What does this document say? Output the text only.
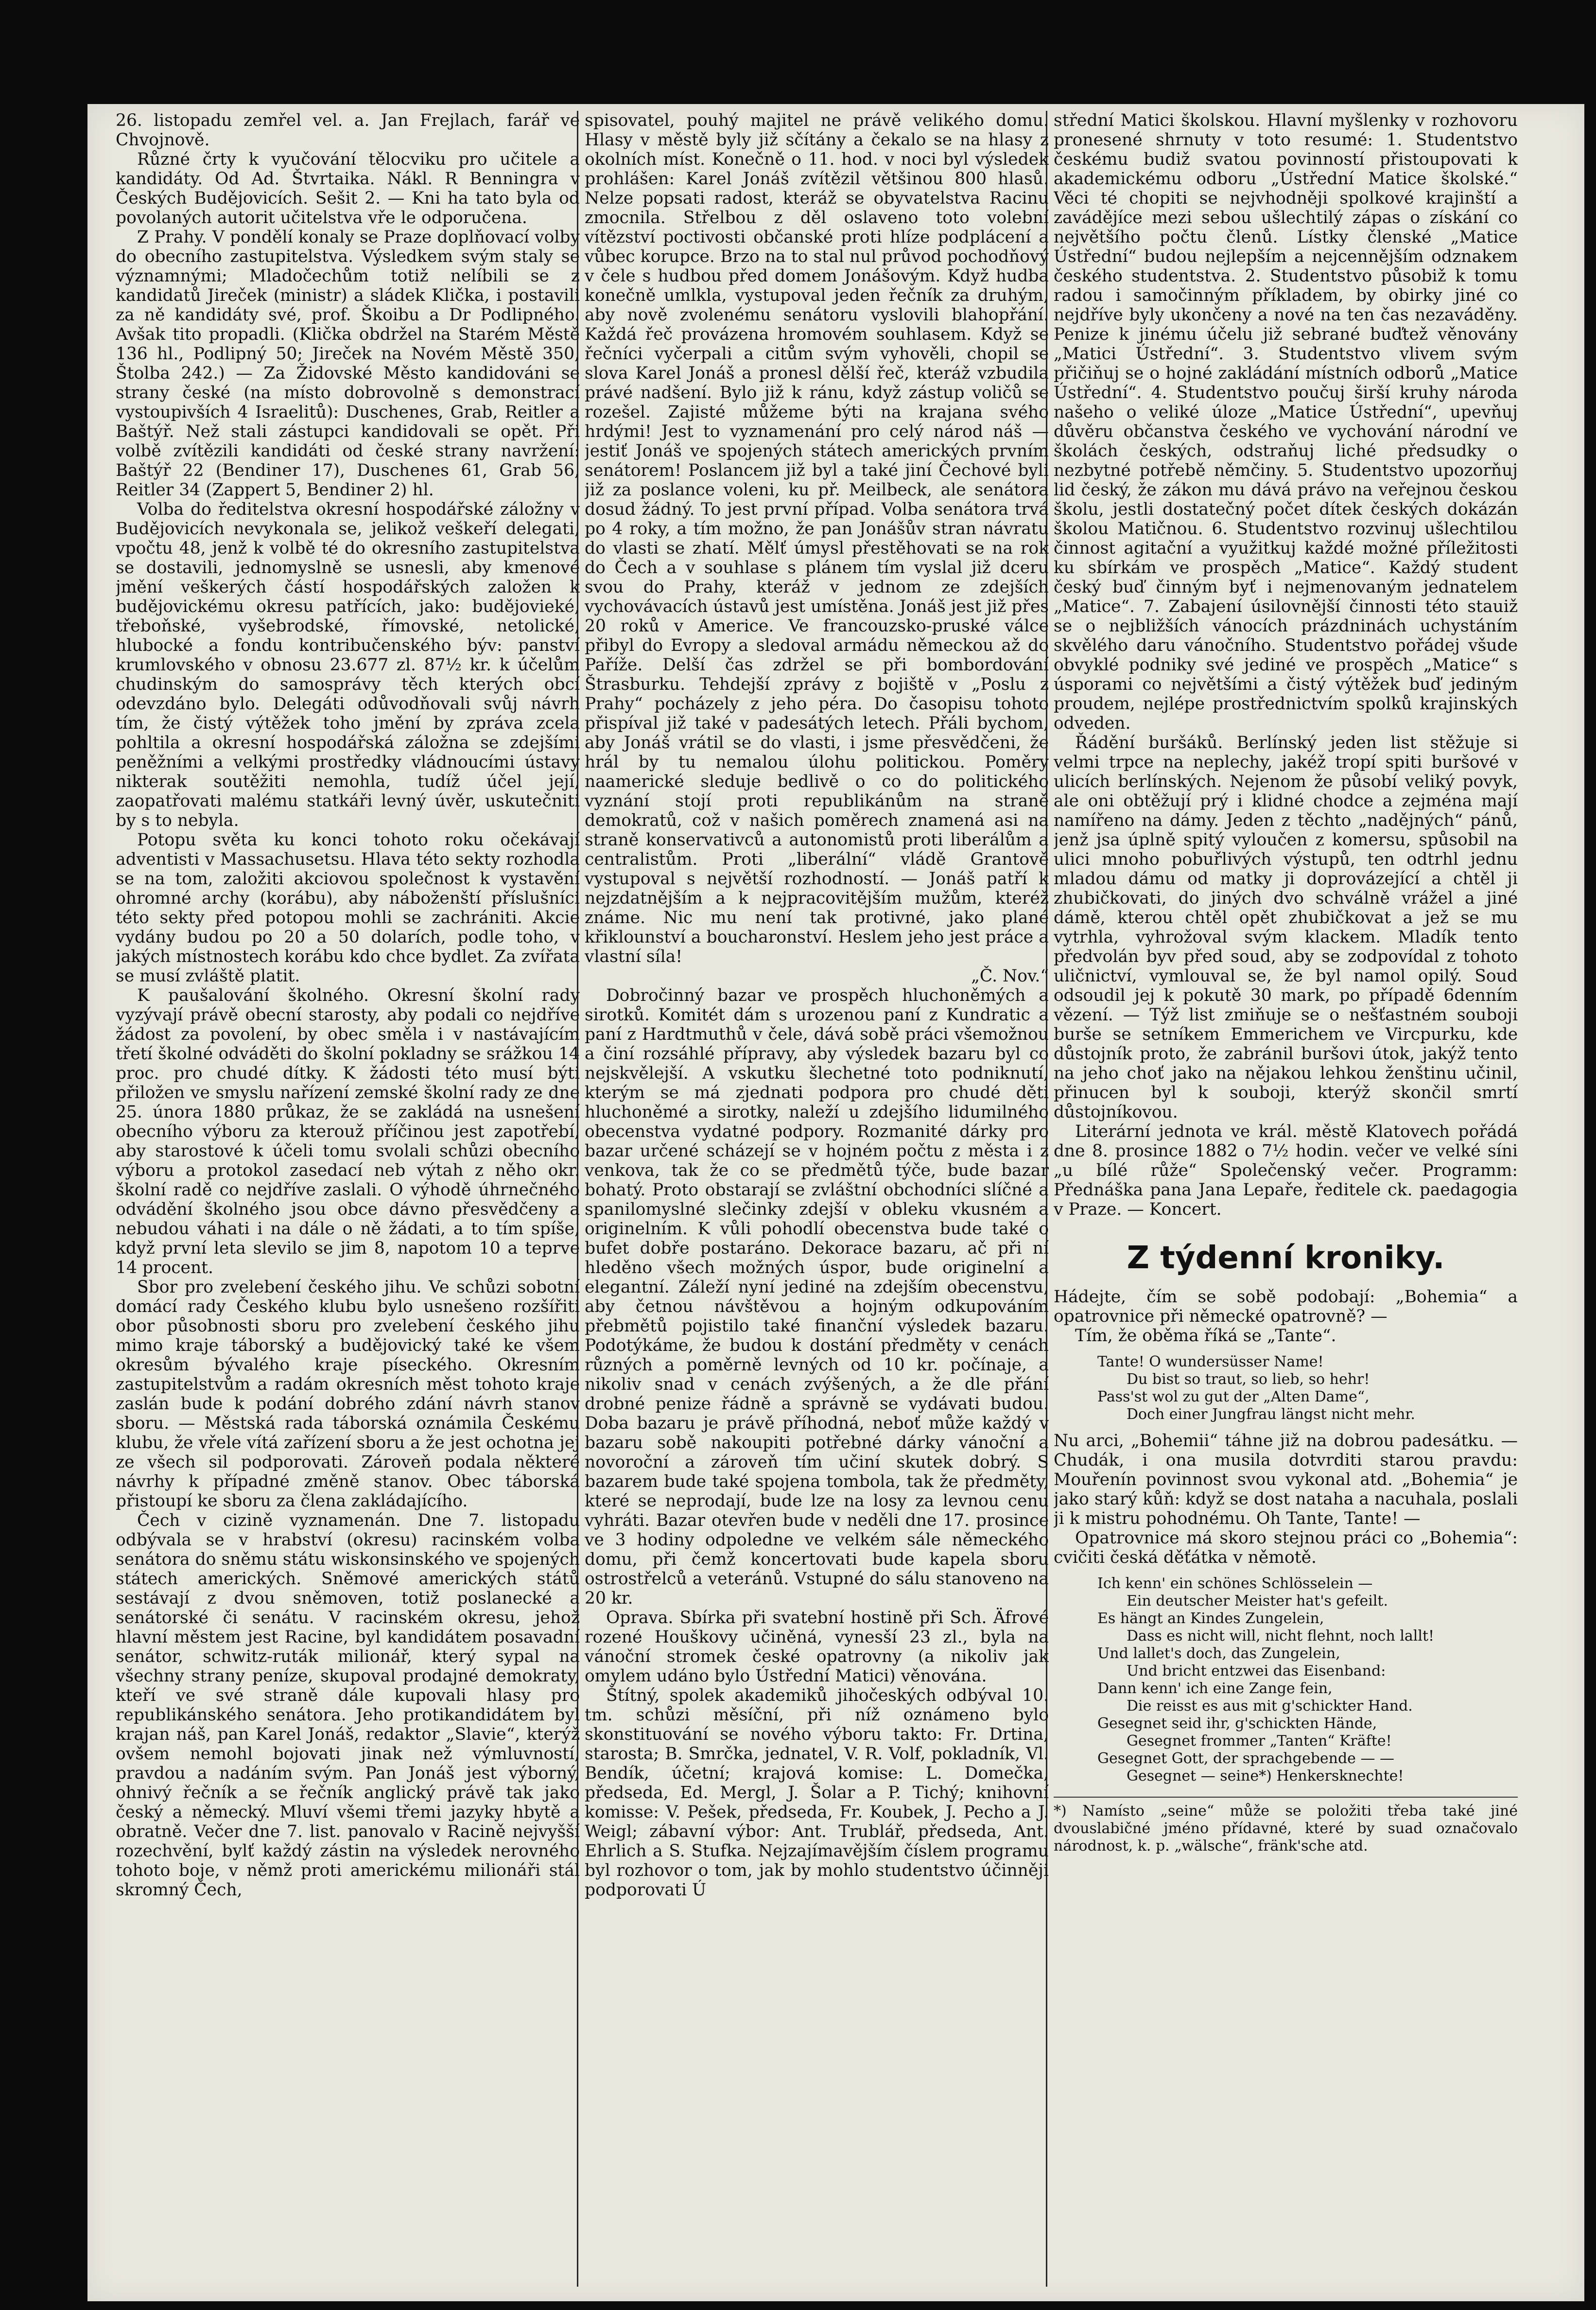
26. listopadu zemřel vel. a. Jan Frejlach, farář ve Chvojnově.

Různé črty k vyučování tělocviku pro učitele a kandidáty. Od Ad. Štvrtaika. Nákl. R Benningra v Českých Budějovicích. Sešit 2. — Kni ha tato byla od povolaných autorit učitelstva vře le odporučena.

Z Prahy. V pondělí konaly se Praze doplňovací volby do obecního zastupitelstva. Výsledkem svým staly se významnými; Mladočechům totiž nelíbili se z kandidatů Jireček (ministr) a sládek Klička, i postavili za ně kandidáty své, prof. Škoibu a Dr Podlipného. Avšak tito propadli. (Klička obdržel na Starém Městě 136 hl., Podlipný 50; Jireček na Novém Městě 350, Štolba 242.) — Za Židovské Město kandidováni se strany české (na místo dobrovolně s demonstrací vystoupivších 4 Israelitů): Duschenes, Grab, Reitler a Baštýř. Než stali zástupci kandidovali se opět. Při volbě zvítězili kandidáti od české strany navržení: Baštýř 22 (Bendiner 17), Duschenes 61, Grab 56, Reitler 34 (Zappert 5, Bendiner 2) hl.

Volba do ředitelstva okresní hospodářské záložny v Budějovicích nevykonala se, jelikož veškeří delegati, vpočtu 48, jenž k volbě té do okresního zastupitelstva se dostavili, jednomyslně se usnesli, aby kmenové jmění veškerých částí hospodářských založen k budějovickému okresu patřících, jako: budějovieké, třeboňské, vyšebrodské, římovské, netolické, hlubocké a fondu kontribučenského býv: panství krumlovského v obnosu 23.677 zl. 87½ kr. k účelům chudinským do samosprávy těch kterých obcí odevzdáno bylo. Delegáti odůvodňovali svůj návrh tím, že čistý výtěžek toho jmění by zpráva zcela pohltila a okresní hospodářská záložna se zdejšími peněžními a velkými prostředky vládnoucími ústavy nikterak soutěžiti nemohla, tudíž účel její, zaopatřovati malému statkáři levný úvěr, uskutečniti by s to nebyla.

Potopu světa ku konci tohoto roku očekávají adventisti v Massachusetsu. Hlava této sekty rozhodla se na tom, založiti akciovou společnost k vystavění ohromné archy (korábu), aby náboženští příslušníci této sekty před potopou mohli se zachrániti. Akcie vydány budou po 20 a 50 dolarích, podle toho, v jakých místnostech korábu kdo chce bydlet. Za zvířata se musí zvláště platit.

K paušalování školného. Okresní školní rady vyzývají právě obecní starosty, aby podali co nejdříve žádost za povolení, by obec směla i v nastávajícím třetí školné odváděti do školní pokladny se srážkou 14 proc. pro chudé dítky. K žádosti této musí býti přiložen ve smyslu nařízení zemské školní rady ze dne 25. února 1880 průkaz, že se zakládá na usnešení obecního výboru za kterouž příčinou jest zapotřebí, aby starostové k účeli tomu svolali schůzi obecního výboru a protokol zasedací neb výtah z něho okr. školní radě co nejdříve zaslali. O výhodě úhrnečného odvádění školného jsou obce dávno přesvědčeny a nebudou váhati i na dále o ně žádati, a to tím spíše, když první leta slevilo se jim 8, napotom 10 a teprve 14 procent.

Sbor pro zvelebení českého jihu. Ve schůzi sobotní domácí rady Českého klubu bylo usnešeno rozšířiti obor působnosti sboru pro zvelebení českého jihu mimo kraje táborský a budějovický také ke všem okresům bývalého kraje píseckého. Okresním zastupitelstvům a radám okresních měst tohoto kraje zaslán bude k podání dobrého zdání návrh stanov sboru. — Městská rada táborská oznámila Českému klubu, že vřele vítá zařízení sboru a že jest ochotna jej ze všech sil podporovati. Zároveň podala některé návrhy k případné změně stanov. Obec táborská přistoupí ke sboru za člena zakládajícího.

Čech v cizině vyznamenán. Dne 7. listopadu odbývala se v hrabství (okresu) racinském volba senátora do sněmu státu wiskonsinského ve spojených státech amerických. Sněmové amerických států sestávají z dvou sněmoven, totiž poslanecké a senátorské či senátu. V racinském okresu, jehož hlavní městem jest Racine, byl kandidátem posavadní senátor, schwitz-ruták milionář, který sypal na všechny strany peníze, skupoval prodajné demokraty, kteří ve své straně dále kupovali hlasy pro republikánského senátora. Jeho protikandidátem byl krajan náš, pan Karel Jonáš, redaktor „Slavie“, kterýž ovšem nemohl bojovati jinak než výmluvností, pravdou a nadáním svým. Pan Jonáš jest výborný, ohnivý řečník a se řečník anglický právě tak jako český a německý. Mluví všemi třemi jazyky hbytě a obratně. Večer dne 7. list. panovalo v Racině nejvyšší rozechvění, bylť každý zástin na výsledek nerovného tohoto boje, v němž proti americkému milionáři stál skromný Čech,

spisovatel, pouhý majitel ne právě velikého domu. Hlasy v městě byly již sčítány a čekalo se na hlasy z okolních míst. Konečně o 11. hod. v noci byl výsledek prohlášen: Karel Jonáš zvítězil většinou 800 hlasů. Nelze popsati radost, kteráž se obyvatelstva Racinu zmocnila. Střelbou z děl oslaveno toto volební vítězství poctivosti občanské proti hlíze podplácení a vůbec korupce. Brzo na to stal nul průvod pochodňový v čele s hudbou před domem Jonášovým. Když hudba konečně umlkla, vystupoval jeden řečník za druhým, aby nově zvolenému senátoru vyslovili blahopřání. Každá řeč provázena hromovém souhlasem. Když se řečníci vyčerpali a citům svým vyhověli, chopil se slova Karel Jonáš a pronesl dělší řeč, kteráž vzbudila právé nadšení. Bylo již k ránu, když zástup voličů se rozešel. Zajisté můžeme býti na krajana svého hrdými! Jest to vyznamenání pro celý národ náš — jestiť Jonáš ve spojených státech amerických prvním senátorem! Poslancem již byl a také jiní Čechové byli již za poslance voleni, ku př. Meilbeck, ale senátora dosud žádný. To jest první případ. Volba senátora trvá po 4 roky, a tím možno, že pan Jonášův stran návratu do vlasti se zhatí. Mělť úmysl přestěhovati se na rok do Čech a v souhlase s plánem tím vyslal již dceru svou do Prahy, kteráž v jednom ze zdejších vychovávacích ústavů jest umístěna. Jonáš jest již přes 20 roků v Americe. Ve francouzsko-pruské válce přibyl do Evropy a sledoval armádu německou až do Paříže. Delší čas zdržel se při bombordování Štrasburku. Tehdejší zprávy z bojiště v „Poslu z Prahy“ pocházely z jeho péra. Do časopisu tohoto přispíval již také v padesátých letech. Přáli bychom, aby Jonáš vrátil se do vlasti, i jsme přesvědčeni, že hrál by tu nemalou úlohu politickou. Poměry naamerické sleduje bedlivě o co do politického vyznání stojí proti republikánům na straně demokratů, což v našich poměrech znamená asi na straně konservativců a autonomistů proti liberálům a centralistům. Proti „liberální“ vládě Grantově vystupoval s největší rozhodností. — Jonáš patří k nejzdatnějším a k nejpracovitějším mužům, kteréž známe. Nic mu není tak protivné, jako plané křiklounství a boucharonství. Heslem jeho jest práce a vlastní síla!

„Č. Nov.“

Dobročinný bazar ve prospěch hluchoněmých a sirotků. Komitét dám s urozenou paní z Kundratic a paní z Hardtmuthů v čele, dává sobě práci všemožnou a činí rozsáhlé přípravy, aby výsledek bazaru byl co nejskvělejší. A vskutku šlechetné toto podniknutí, kterým se má zjednati podpora pro chudé děti hluchoněmé a sirotky, naleží u zdejšího lidumilného obecenstva vydatné podpory. Rozmanité dárky pro bazar určené scházejí se v hojném počtu z města i z venkova, tak že co se předmětů týče, bude bazar bohatý. Proto obstarají se zvláštní obchodníci slíčné a spanilomyslné slečinky zdejší v obleku vkusném a originelním. K vůli pohodlí obecenstva bude také o bufet dobře postaráno. Dekorace bazaru, ač při ní hleděno všech možných úspor, bude originelní a elegantní. Záleží nyní jediné na zdejším obecenstvu, aby četnou návštěvou a hojným odkupováním přebmětů pojistilo také finanční výsledek bazaru. Podotýkáme, že budou k dostání předměty v cenách různých a poměrně levných od 10 kr. počínaje, a nikoliv snad v cenách zvýšených, a že dle přání drobné penize řádně a správně se vydávati budou. Doba bazaru je právě příhodná, neboť může každý v bazaru sobě nakoupiti potřebné dárky vánoční a novoroční a zároveň tím učiní skutek dobrý. S bazarem bude také spojena tombola, tak že předměty, které se neprodají, bude lze na losy za levnou cenu vyhráti. Bazar otevřen bude v neděli dne 17. prosince ve 3 hodiny odpoledne ve velkém sále německého domu, při čemž koncertovati bude kapela sboru ostrostřelců a veteránů. Vstupné do sálu stanoveno na 20 kr.

Oprava. Sbírka při svatební hostině při Sch. Äfrové rozené Houškovy učiněná, vynesší 23 zl., byla na vánoční stromek české opatrovny (a nikoliv jak omylem udáno bylo Ústřední Matici) věnována.

Štítný, spolek akademiků jihočeských odbýval 10. tm. schůzi měsíční, při níž oznámeno bylo skonstituování se nového výboru takto: Fr. Drtina, starosta; B. Smrčka, jednatel, V. R. Volf, pokladník, Vl. Bendík, účetní; krajová komise: L. Domečka, předseda, Ed. Mergl, J. Šolar a P. Tichý; knihovní komisse: V. Pešek, předseda, Fr. Koubek, J. Pecho a J. Weigl; zábavní výbor: Ant. Trublář, předseda, Ant. Ehrlich a S. Stufka. Nejzajímavějším číslem programu byl rozhovor o tom, jak by mohlo studentstvo účinněji podporovati Ú

střední Matici školskou. Hlavní myšlenky v rozhovoru pronesené shrnuty v toto resumé: 1. Studentstvo českému budiž svatou povinností přistoupovati k akademickému odboru „Ústřední Matice školské.“ Věci té chopiti se nejvhodněji spolkové krajinští a zavádějíce mezi sebou ušlechtilý zápas o získání co největšího počtu členů. Lístky členské „Matice Ústřední“ budou nejlepším a nejcennějším odznakem českého studentstva. 2. Studentstvo působiž k tomu radou i samočinným příkladem, by obirky jiné co nejdříve byly ukončeny a nové na ten čas nezaváděny. Penize k jinému účelu již sebrané buďtež věnovány „Matici Ústřední“. 3. Studentstvo vlivem svým přičiňuj se o hojné zakládání místních odborů „Matice Ústřední“. 4. Studentstvo poučuj širší kruhy národa našeho o veliké úloze „Matice Ústřední“, upevňuj důvěru občanstva českého ve vychování národní ve školách českých, odstraňuj liché předsudky o nezbytné potřebě němčiny. 5. Studentstvo upozorňuj lid český, že zákon mu dává právo na veřejnou českou školu, jestli dostatečný počet dítek českých dokázán školou Matičnou. 6. Studentstvo rozvinuj ušlechtilou činnost agitační a využitkuj každé možné příležitosti ku sbírkám ve prospěch „Matice“. Každý student český buď činným byť i nejmenovaným jednatelem „Matice“. 7. Zabajení úsilovnější činnosti této stauiž se o nejbližších vánocích prázdninách uchystáním skvělého daru vánočního. Studentstvo pořádej všude obvyklé podniky své jediné ve prospěch „Matice“ s úsporami co největšími a čistý výtěžek buď jediným proudem, nejlépe prostřednictvím spolků krajinských odveden.

Řádění buršáků. Berlínský jeden list stěžuje si velmi trpce na neplechy, jakéž tropí spiti buršové v ulicích berlínských. Nejenom že působí veliký povyk, ale oni obtěžují prý i klidné chodce a zejména mají namířeno na dámy. Jeden z těchto „nadějných“ pánů, jenž jsa úplně spitý vyloučen z komersu, spůsobil na ulici mnoho pobuřlivých výstupů, ten odtrhl jednu mladou dámu od matky ji doprovázející a chtěl ji zhubičkovati, do jiných dvo schválně vrážel a jiné dámě, kterou chtěl opět zhubičkovat a jež se mu vytrhla, vyhrožoval svým klackem. Mladík tento předvolán byv před soud, aby se zodpovídal z tohoto uličnictví, vymlouval se, že byl namol opilý. Soud odsoudil jej k pokutě 30 mark, po případě 6denním vězení. — Týž list zmiňuje se o nešťastném souboji burše se setníkem Emmerichem ve Vircpurku, kde důstojník proto, že zabránil buršovi útok, jakýž tento na jeho choť jako na nějakou lehkou ženštinu učinil, přinucen byl k souboji, kterýž skončil smrtí důstojníkovou.

Literární jednota ve král. městě Klatovech pořádá dne 8. prosince 1882 o 7½ hodin. večer ve velké síni „u bílé růže“ Společenský večer. Programm: Přednáška pana Jana Lepaře, ředitele ck. paedagogia v Praze. — Koncert.

Z týdenní kroniky.

Hádejte, čím se sobě podobají: „Bohemia“ a opatrovnice při německé opatrovně? —

Tím, že oběma říká se „Tante“.

Tante! O wundersüsser Name!
Du bist so traut, so lieb, so hehr!
Pass'st wol zu gut der „Alten Dame“,
Doch einer Jungfrau längst nicht mehr.

Nu arci, „Bohemii“ táhne již na dobrou padesátku. — Chudák, i ona musila dotvrditi starou pravdu: Mouřenín povinnost svou vykonal atd. „Bohemia“ je jako starý kůň: když se dost nataha a nacuhala, poslali ji k mistru pohodnému. Oh Tante, Tante! —

Opatrovnice má skoro stejnou práci co „Bohemia“: cvičiti česká děťátka v němotě.

Ich kenn' ein schönes Schlösselein —
Ein deutscher Meister hat's gefeilt.
Es hängt an Kindes Zungelein,
Dass es nicht will, nicht flehnt, noch lallt!
Und lallet's doch, das Zungelein,
Und bricht entzwei das Eisenband:
Dann kenn' ich eine Zange fein,
Die reisst es aus mit g'schickter Hand.
Gesegnet seid ihr, g'schickten Hände,
Gesegnet frommer „Tanten“ Kräfte!
Gesegnet Gott, der sprachgebende — —
Gesegnet — seine*) Henkersknechte!
*) Namísto „seine“ může se položiti třeba také jiné dvouslabičné jméno přídavné, které by suad označovalo národnost, k. p. „wälsche“, fränk'sche atd.
